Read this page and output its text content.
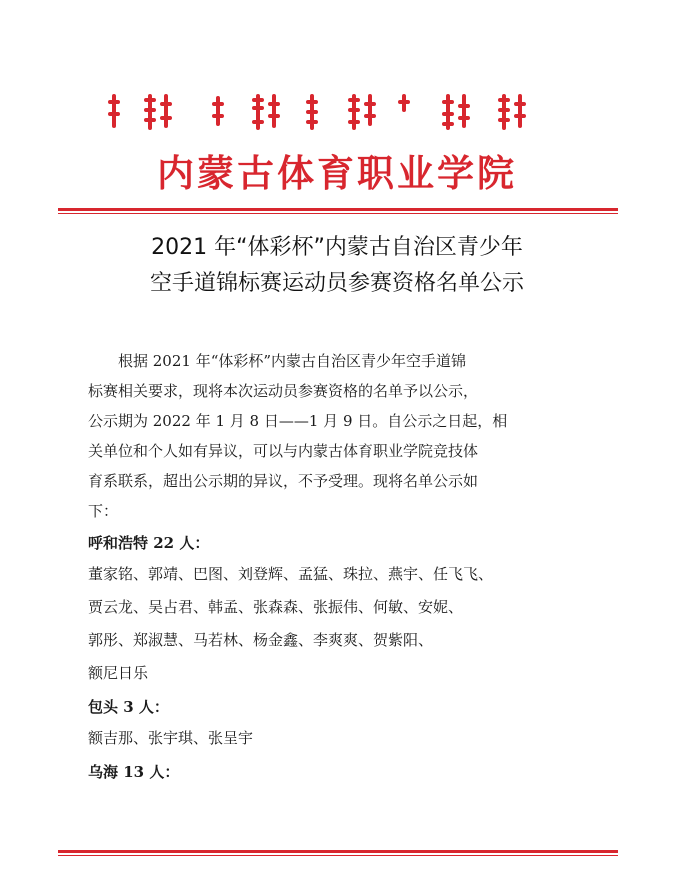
内蒙古体育职业学院
2021 年“体彩杯”内蒙古自治区青少年
空手道锦标赛运动员参赛资格名单公示

根据 2021 年“体彩杯”内蒙古自治区青少年空手道锦

标赛相关要求，现将本次运动员参赛资格的名单予以公示，

公示期为 2022 年 1 月 8 日——1 月 9 日。自公示之日起，相

关单位和个人如有异议，可以与内蒙古体育职业学院竞技体

育系联系，超出公示期的异议，不予受理。现将名单公示如

下：

呼和浩特 22 人：

董家铭、郭靖、巴图、刘登辉、孟猛、珠拉、燕宇、任飞飞、

贾云龙、吴占君、韩孟、张森森、张振伟、何敏、安妮、

郭彤、郑淑慧、马若林、杨金鑫、李爽爽、贺紫阳、

额尼日乐

包头 3 人：

额吉那、张宇琪、张呈宇

乌海 13 人：
